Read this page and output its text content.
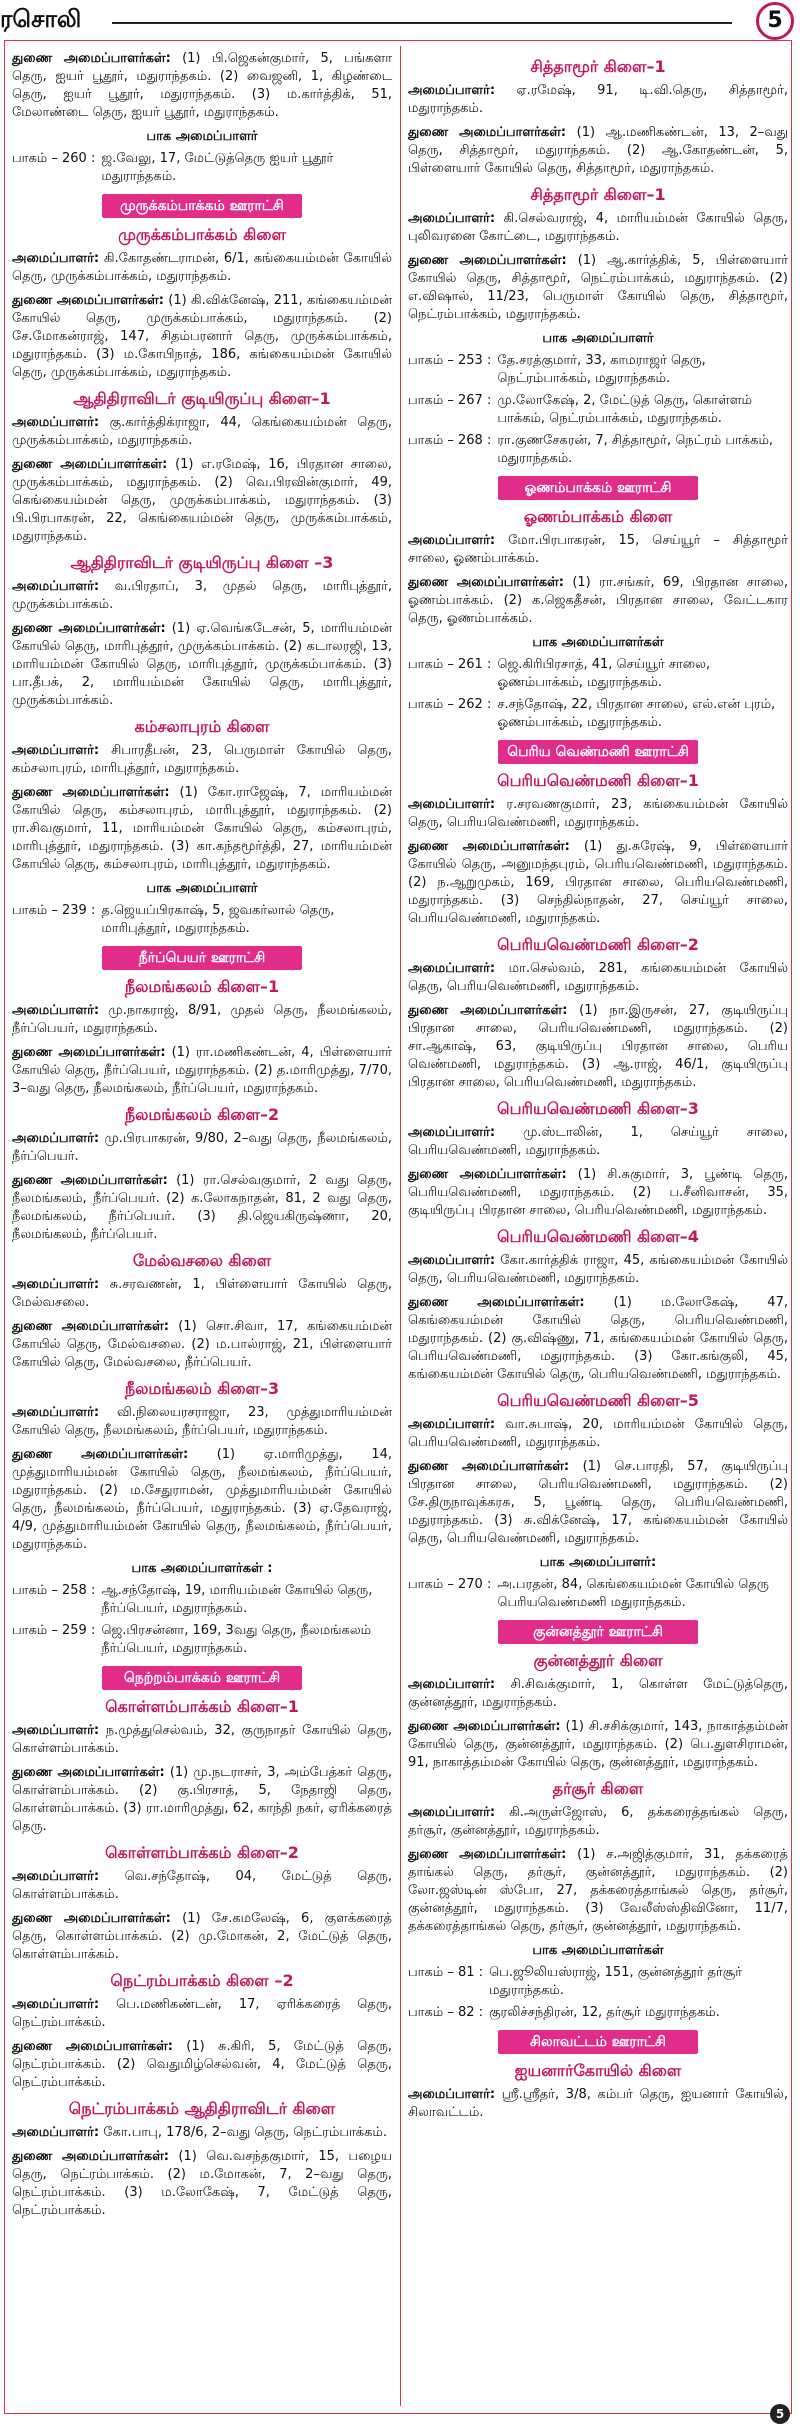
ரசொலி	5

துணை அமைப்பாளர்கள்: (1) பி.ஜெகன்குமார், 5, பங்களா தெரு, ஐயர் பூதூர், மதுராந்தகம். (2) வைஜனி, 1, கிழண்டை தெரு, ஐயர் பூதூர், மதுராந்தகம். (3) ம.கார்த்திக், 51, மேலாண்டை தெரு, ஐயர் பூதூர், மதுராந்தகம்.

பாக அமைப்பாளர்
பாகம் – 260 : ஜ.வேலு, 17, மேட்டுத்தெரு ஐயர் பூதூர் மதுராந்தகம்.
முருக்கம்பாக்கம் ஊராட்சி
முருக்கம்பாக்கம் கிளை

அமைப்பாளர்: கி.கோதண்டராமன், 6/1, கங்கையம்மன் கோயில் தெரு, முருக்கம்பாக்கம், மதுராந்தகம்.

துணை அமைப்பாளர்கள்: (1) கி.விக்னேஷ், 211, கங்கையம்மன் கோயில் தெரு, முருக்கம்பாக்கம், மதுராந்தகம். (2) சே.மோகன்ராஜ், 147, சிதம்பரனார் தெரு, முருக்கம்பாக்கம், மதுராந்தகம். (3) ம.கோபிநாத், 186, கங்கையம்மன் கோயில் தெரு, முருக்கம்பாக்கம், மதுராந்தகம்.

ஆதிதிராவிடர் குடியிருப்பு கிளை–1

அமைப்பாளர்: கு.கார்த்திக்ராஜா, 44, கெங்கையம்மன் தெரு, முருக்கம்பாக்கம், மதுராந்தகம்.

துணை அமைப்பாளர்கள்: (1) எ.ரமேஷ், 16, பிரதான சாலை, முருக்கம்பாக்கம், மதுராந்தகம். (2) வெ.பிரவின்குமார், 49, கெங்கையம்மன் தெரு, முருக்கம்பாக்கம், மதுராந்தகம். (3) பி.பிரபாகரன், 22, கெங்கையம்மன் தெரு, முருக்கம்பாக்கம், மதுராந்தகம்.

ஆதிதிராவிடர் குடியிருப்பு கிளை –3

அமைப்பாளர்: வ.பிரதாப், 3, முதல் தெரு, மாரிபுத்தூர், முருக்கம்பாக்கம்.

துணை அமைப்பாளர்கள்: (1) ஏ.வெங்கடேசன், 5, மாரியம்மன் கோயில் தெரு, மாரிபுத்தூர், முருக்கம்பாக்கம். (2) கடாலரஜி, 13, மாரியம்மன் கோயில் தெரு, மாரிபுத்தூர், முருக்கம்பாக்கம். (3) பா.தீபக், 2, மாரியம்மன் கோயில் தெரு, மாரிபுத்தூர், முருக்கம்பாக்கம்.

கம்சலாபுரம் கிளை

அமைப்பாளர்: சிபாரதீபன், 23, பெருமாள் கோயில் தெரு, கம்சலாபுரம், மாரிபுத்தூர், மதுராந்தகம்.

துணை அமைப்பாளர்கள்: (1) கோ.ராஜேஷ், 7, மாரியம்மன் கோயில் தெரு, கம்சலாபுரம், மாரிபுத்தூர், மதுராந்தகம். (2) ரா.சிவகுமார், 11, மாரியம்மன் கோயில் தெரு, கம்சலாபுரம், மாரிபுத்தூர், மதுராந்தகம். (3) கா.கந்தமூர்த்தி, 27, மாரியம்மன் கோயில் தெரு, கம்சலாபுரம், மாரிபுத்தூர், மதுராந்தகம்.

பாக அமைப்பாளர்
பாகம் – 239 : த.ஜெயப்பிரகாஷ், 5, ஜவகர்லால் தெரு, மாரிபுத்தூர், மதுராந்தகம்.
நீர்ப்பெயர் ஊராட்சி
நீலமங்கலம் கிளை–1

அமைப்பாளர்: மு.நாகராஜ், 8/91, முதல் தெரு, நீலமங்கலம், நீர்ப்பெயர், மதுராந்தகம்.

துணை அமைப்பாளர்கள்: (1) ரா.மணிகண்டன், 4, பிள்ளையார் கோயில் தெரு, நீர்ப்பெயர், மதுராந்தகம். (2) த.மாரிமுத்து, 7/70, 3–வது தெரு, நீலமங்கலம், நீர்ப்பெயர், மதுராந்தகம்.

நீலமங்கலம் கிளை–2

அமைப்பாளர்: மு.பிரபாகரன், 9/80, 2–வது தெரு, நீலமங்கலம், நீர்ப்பெயர்.

துணை அமைப்பாளர்கள்: (1) ரா.செல்வகுமார், 2 வது தெரு, நீலமங்கலம், நீர்ப்பெயர். (2) க.லோகநாதன், 81, 2 வது தெரு, நீலமங்கலம், நீர்ப்பெயர். (3) தி.ஜெயகிருஷ்ணா, 20, நீலமங்கலம், நீர்ப்பெயர்.

மேல்வசலை கிளை

அமைப்பாளர்: சு.சரவணன், 1, பிள்ளையார் கோயில் தெரு, மேல்வசலை.

துணை அமைப்பாளர்கள்: (1) சொ.சிவா, 17, கங்கையம்மன் கோயில் தெரு, மேல்வசலை. (2) ம.பால்ராஜ், 21, பிள்ளையார் கோயில் தெரு, மேல்வசலை, நீர்ப்பெயர்.

நீலமங்கலம் கிளை–3

அமைப்பாளர்: வி.நிலையரசராஜா, 23, முத்துமாரியம்மன் கோயில் தெரு, நீலமங்கலம், நீர்ப்பெயர், மதுராந்தகம்.

துணை அமைப்பாளர்கள்: (1) ஏ.மாரிமுத்து, 14, முத்துமாரியம்மன் கோயில் தெரு, நீலமங்கலம், நீர்ப்பெயர், மதுராந்தகம். (2) ம.சேதுராமன், முத்துமாரியம்மன் கோயில் தெரு, நீலமங்கலம், நீர்ப்பெயர், மதுராந்தகம். (3) ஏ.தேவராஜ், 4/9, முத்துமாரியம்மன் கோயில் தெரு, நீலமங்கலம், நீர்ப்பெயர், மதுராந்தகம்.

பாக அமைப்பாளர்கள் :
பாகம் – 258 : ஆ.சந்தோஷ், 19, மாரியம்மன் கோயில் தெரு, நீர்ப்பெயர், மதுராந்தகம்.
பாகம் – 259 : ஜெ.பிரசன்னா, 169, 3வது தெரு, நீலமங்கலம் நீர்ப்பெயர், மதுராந்தகம்.
நெற்றம்பாக்கம் ஊராட்சி
கொள்ளம்பாக்கம் கிளை–1

அமைப்பாளர்: ந.முத்துசெல்வம், 32, குருநாதர் கோயில் தெரு, கொள்ளம்பாக்கம்.

துணை அமைப்பாளர்கள்: (1) மு.நடராசர், 3, அம்பேத்கர் தெரு, கொள்ளம்பாக்கம். (2) கு.பிரசாத், 5, நேதாஜி தெரு, கொள்ளம்பாக்கம். (3) ரா.மாரிமுத்து, 62, காந்தி நகர், ஏரிக்கரைத் தெரு.

கொள்ளம்பாக்கம் கிளை–2

அமைப்பாளர்: வெ.சந்தோஷ், 04, மேட்டுத் தெரு, கொள்ளம்பாக்கம்.

துணை அமைப்பாளர்கள்: (1) சே.கமலேஷ், 6, குளக்கரைத் தெரு, கொள்ளம்பாக்கம். (2) மு.மோகன், 2, மேட்டுத் தெரு, கொள்ளம்பாக்கம்.

நெட்ரம்பாக்கம் கிளை –2

அமைப்பாளர்: பெ.மணிகண்டன், 17, ஏரிக்கரைத் தெரு, நெட்ரம்பாக்கம்.

துணை அமைப்பாளர்கள்: (1) சு.கிரி, 5, மேட்டுத் தெரு, நெட்ரம்பாக்கம். (2) வெதுமிழ்செல்வன், 4, மேட்டுத் தெரு, நெட்ரம்பாக்கம்.

நெட்ரம்பாக்கம் ஆதிதிராவிடர் கிளை

அமைப்பாளர்: கோ.பாபு, 178/6, 2–வது தெரு, நெட்ரம்பாக்கம்.

துணை அமைப்பாளர்கள்: (1) வெ.வசந்தகுமார், 15, பழைய தெரு, நெட்ரம்பாக்கம். (2) ம.மோகன், 7, 2–வது தெரு, நெட்ரம்பாக்கம். (3) ம.லோகேஷ், 7, மேட்டுத் தெரு, நெட்ரம்பாக்கம்.

சித்தாமூர் கிளை–1

அமைப்பாளர்: ஏ.ரமேஷ், 91, டி.வி.தெரு, சித்தாமூர், மதுராந்தகம்.

துணை அமைப்பாளர்கள்: (1) ஆ.மணிகண்டன், 13, 2–வது தெரு, சித்தாமூர், மதுராந்தகம். (2) ஆ.கோதண்டன், 5, பிள்ளையார் கோயில் தெரு, சித்தாமூர், மதுராந்தகம்.

சித்தாமூர் கிளை–1

அமைப்பாளர்: கி.செல்வராஜ், 4, மாரியம்மன் கோயில் தெரு, புலிவரனை கோட்டை, மதுராந்தகம்.

துணை அமைப்பாளர்கள்: (1) ஆ.கார்த்திக், 5, பிள்ளையார் கோயில் தெரு, சித்தாமூர், நெட்ரம்பாக்கம், மதுராந்தகம். (2) எ.விஷால், 11/23, பெருமாள் கோயில் தெரு, சித்தாமூர், நெட்ரம்பாக்கம், மதுராந்தகம்.

பாக அமைப்பாளர்
பாகம் – 253 : தே.சரத்குமார், 33, காமராஜர் தெரு, நெட்ரம்பாக்கம், மதுராந்தகம்.
பாகம் – 267 : மு.லோகேஷ், 2, மேட்டுத் தெரு, கொள்ளம் பாக்கம், நெட்ரம்பாக்கம், மதுராந்தகம்.
பாகம் – 268 : ரா.குணசேகரன், 7, சித்தாமூர், நெட்ரம் பாக்கம், மதுராந்தகம்.
ஓணம்பாக்கம் ஊராட்சி
ஓணம்பாக்கம் கிளை

அமைப்பாளர்: மோ.பிரபாகரன், 15, செய்யூர் – சித்தாமூர் சாலை, ஓணம்பாக்கம்.

துணை அமைப்பாளர்கள்: (1) ரா.சங்கர், 69, பிரதான சாலை, ஓணம்பாக்கம். (2) க.ஜெகதீசன், பிரதான சாலை, வேட்டகார தெரு, ஓணம்பாக்கம்.

பாக அமைப்பாளர்கள்
பாகம் – 261 : ஜெ.கிரிபிரசாத், 41, செய்யூர் சாலை, ஓணம்பாக்கம், மதுராந்தகம்.
பாகம் – 262 : ச.சந்தோஷ், 22, பிரதான சாலை, எல்.என் புரம், ஓணம்பாக்கம், மதுராந்தகம்.
பெரிய வெண்மணி ஊராட்சி
பெரியவெண்மணி கிளை–1

அமைப்பாளர்: ர.சரவணகுமார், 23, கங்கையம்மன் கோயில் தெரு, பெரியவெண்மணி, மதுராந்தகம்.

துணை அமைப்பாளர்கள்: (1) து.சுரேஷ், 9, பிள்ளையார் கோயில் தெரு, அனுமந்தபுரம், பெரியவெண்மணி, மதுராந்தகம். (2) ந.ஆறுமுகம், 169, பிரதான சாலை, பெரியவெண்மணி, மதுராந்தகம். (3) செந்தில்நாதன், 27, செய்யூர் சாலை, பெரியவெண்மணி, மதுராந்தகம்.

பெரியவெண்மணி கிளை–2

அமைப்பாளர்: மா.செல்வம், 281, கங்கையம்மன் கோயில் தெரு, பெரியவெண்மணி, மதுராந்தகம்.

துணை அமைப்பாளர்கள்: (1) நா.இருசன், 27, குடியிருப்பு பிரதான சாலை, பெரியவெண்மணி, மதுராந்தகம். (2) சா.ஆகாஷ், 63, குடியிருப்பு பிரதான சாலை, பெரிய வெண்மணி, மதுராந்தகம். (3) ஆ.ராஜ், 46/1, குடியிருப்பு பிரதான சாலை, பெரியவெண்மணி, மதுராந்தகம்.

பெரியவெண்மணி கிளை–3

அமைப்பாளர்: மு.ஸ்டாலின், 1, செய்யூர் சாலை, பெரியவெண்மணி, மதுராந்தகம்.

துணை அமைப்பாளர்கள்: (1) சி.சுகுமார், 3, பூண்டி தெரு, பெரியவெண்மணி, மதுராந்தகம். (2) ப.சீனிவாசன், 35, குடியிருப்பு பிரதான சாலை, பெரியவெண்மணி, மதுராந்தகம்.

பெரியவெண்மணி கிளை–4

அமைப்பாளர்: கோ.கார்த்திக் ராஜா, 45, கங்கையம்மன் கோயில் தெரு, பெரியவெண்மணி, மதுராந்தகம்.

துணை அமைப்பாளர்கள்: (1) ம.லோகேஷ், 47, கெங்கையம்மன் கோயில் தெரு, பெரியவெண்மணி, மதுராந்தகம். (2) கு.விஷ்ணு, 71, கங்கையம்மன் கோயில் தெரு, பெரியவெண்மணி, மதுராந்தகம். (3) கோ.கங்குலி, 45, கங்கையம்மன் கோயில் தெரு, பெரியவெண்மணி, மதுராந்தகம்.

பெரியவெண்மணி கிளை–5

அமைப்பாளர்: வா.சுபாஷ், 20, மாரியம்மன் கோயில் தெரு, பெரியவெண்மணி, மதுராந்தகம்.

துணை அமைப்பாளர்கள்: (1) செ.பாரதி, 57, குடியிருப்பு பிரதான சாலை, பெரியவெண்மணி, மதுராந்தகம். (2) சே.திருநாவுக்கரசு, 5, பூண்டி தெரு, பெரியவெண்மணி, மதுராந்தகம். (3) சு.விக்னேஷ், 17, கங்கையம்மன் கோயில் தெரு, பெரியவெண்மணி, மதுராந்தகம்.

பாக அமைப்பாளர்:
பாகம் – 270 : அ.பரதன், 84, கெங்கையம்மன் கோயில் தெரு பெரியவெண்மணி மதுராந்தகம்.
குன்னத்தூர் ஊராட்சி
குன்னத்தூர் கிளை

அமைப்பாளர்: சி.சிவக்குமார், 1, கொள்ள மேட்டுத்தெரு, குன்னத்தூர், மதுராந்தகம்.

துணை அமைப்பாளர்கள்: (1) சி.சசிக்குமார், 143, நாகாத்தம்மன் கோயில் தெரு, குன்னத்தூர், மதுராந்தகம். (2) பெ.துளசிராமன், 91, நாகாத்தம்மன் கோயில் தெரு, குன்னத்தூர், மதுராந்தகம்.

தர்சூர் கிளை

அமைப்பாளர்: கி.அருள்ஜோஸ், 6, தக்கரைத்தங்கல் தெரு, தர்சூர், குன்னத்தூர், மதுராந்தகம்.

துணை அமைப்பாளர்கள்: (1) ச.அஜித்குமார், 31, தக்கரைத் தாங்கல் தெரு, தர்சூர், குன்னத்தூர், மதுராந்தகம். (2) லோ.ஜஸ்டின் ஸ்போ, 27, தக்கரைத்தாங்கல் தெரு, தர்சூர், குன்னத்தூர், மதுராந்தகம். (3) வேலீஸ்ஸ்திவினோ, 11/7, தக்கரைத்தாங்கல் தெரு, தர்சூர், குன்னத்தூர், மதுராந்தகம்.

பாக அமைப்பாளர்கள்
பாகம் – 81 : பெ.ஜூலியஸ்ராஜ், 151, குன்னத்தூர் தர்சூர் மதுராந்தகம்.
பாகம் – 82 : குரலிச்சந்திரன், 12, தர்சூர் மதுராந்தகம்.
சிலாவட்டம் ஊராட்சி
ஐயனார்கோயில் கிளை

அமைப்பாளர்: ஸ்ரீ.ஸ்ரீதர், 3/8, கம்பர் தெரு, ஐயனார் கோயில், சிலாவட்டம்.

5
